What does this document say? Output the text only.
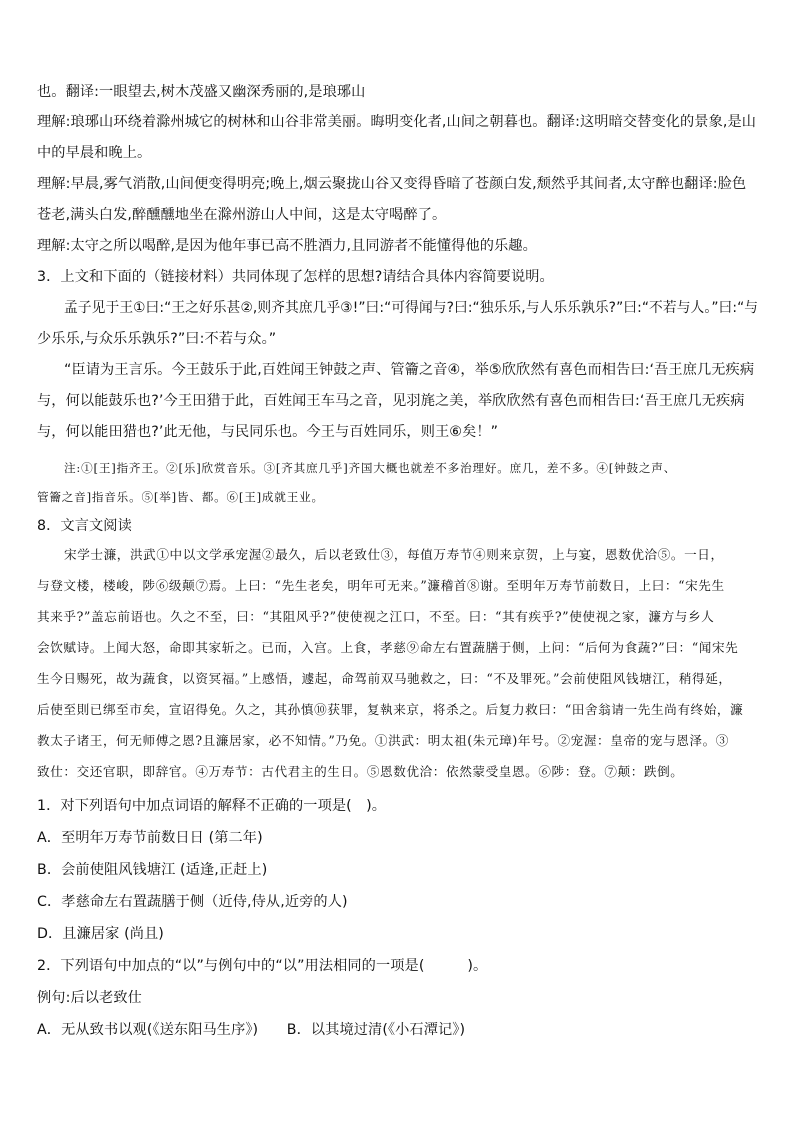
也。翻译:一眼望去,树木茂盛又幽深秀丽的,是琅琊山
理解:琅琊山环绕着滁州城它的树林和山谷非常美丽。晦明变化者,山间之朝暮也。翻译:这明暗交替变化的景象,是山
中的早晨和晚上。
理解:早晨,雾气消散,山间便变得明亮;晚上,烟云聚拢山谷又变得昏暗了苍颜白发,颓然乎其间者,太守醉也翻译:脸色
苍老,满头白发,醉醺醺地坐在滁州游山人中间，这是太守喝醉了。
理解:太守之所以喝醉,是因为他年事已高不胜酒力,且同游者不能懂得他的乐趣。
3．上文和下面的（链接材料）共同体现了怎样的思想?请结合具体内容简要说明。
孟子见于王①曰:“王之好乐甚②,则齐其庶几乎③!”曰:“可得闻与?曰:“独乐乐,与人乐乐孰乐?”曰:“不若与人。”曰:“与
少乐乐,与众乐乐孰乐?”曰:不若与众。”
“臣请为王言乐。今王鼓乐于此,百姓闻王钟鼓之声、管籥之音④，举⑤欣欣然有喜色而相告曰:‘吾王庶几无疾病
与，何以能鼓乐也?’今王田猎于此，百姓闻王车马之音，见羽旄之美，举欣欣然有喜色而相告曰:‘吾王庶几无疾病
与，何以能田猎也?’此无他，与民同乐也。今王与百姓同乐，则王⑥矣！”
注:①[王]指齐王。②[乐]欣赏音乐。③[齐其庶几乎]齐国大概也就差不多治理好。庶几，差不多。④[钟鼓之声、
管籥之音]指音乐。⑤[举]皆、都。⑥[王]成就王业。
8．文言文阅读
宋学士濂，洪武①中以文学承宠渥②最久，后以老致仕③，每值万寿节④则来京贺，上与宴，恩数优洽⑤。一日，
与登文楼，楼峻，陟⑥级颠⑦焉。上曰：“先生老矣，明年可无来。”濂稽首⑧谢。至明年万寿节前数日，上曰：“宋先生
其来乎?”盖忘前语也。久之不至，曰：“其阻风乎?”使使视之江口，不至。曰：“其有疾乎?”使使视之家，濂方与乡人
会饮赋诗。上闻大怒，命即其家斩之。已而，入宫。上食，孝慈⑨命左右置蔬膳于侧，上问：“后何为食蔬?”曰：“闻宋先
生今日赐死，故为蔬食，以资冥福。”上感悟，遽起，命驾前双马驰救之，曰：“不及罪死。”会前使阻风钱塘江，稍得延，
后使至則已绑至市矣，宣诏得免。久之，其孙慎⑩获罪，复執来京，将杀之。后复力救曰：“田舍翁请一先生尚有终始，濂
教太子诸王，何无师傅之恩?且濂居家，必不知情。”乃免。①洪武：明太祖(朱元璋)年号。②宠渥：皇帝的宠与恩泽。③
致仕：交还官职，即辞官。④万寿节：古代君主的生日。⑤恩数优洽：依然蒙受皇恩。⑥陟：登。⑦颠：跌倒。
1．对下列语句中加点词语的解释不正确的一项是(　)。
A．至明年万寿节前数日日 (第二年)
B．会前使阻风钱塘江 (适逢,正赶上)
C．孝慈命左右置蔬膳于侧（近侍,侍从,近旁的人)
D．且濂居家 (尚且)
2．下列语句中加点的“以”与例句中的“以”用法相同的一项是(　　　)。
例句:后以老致仕
A．无从致书以观(《送东阳马生序》)　　B．以其境过清(《小石潭记》)
